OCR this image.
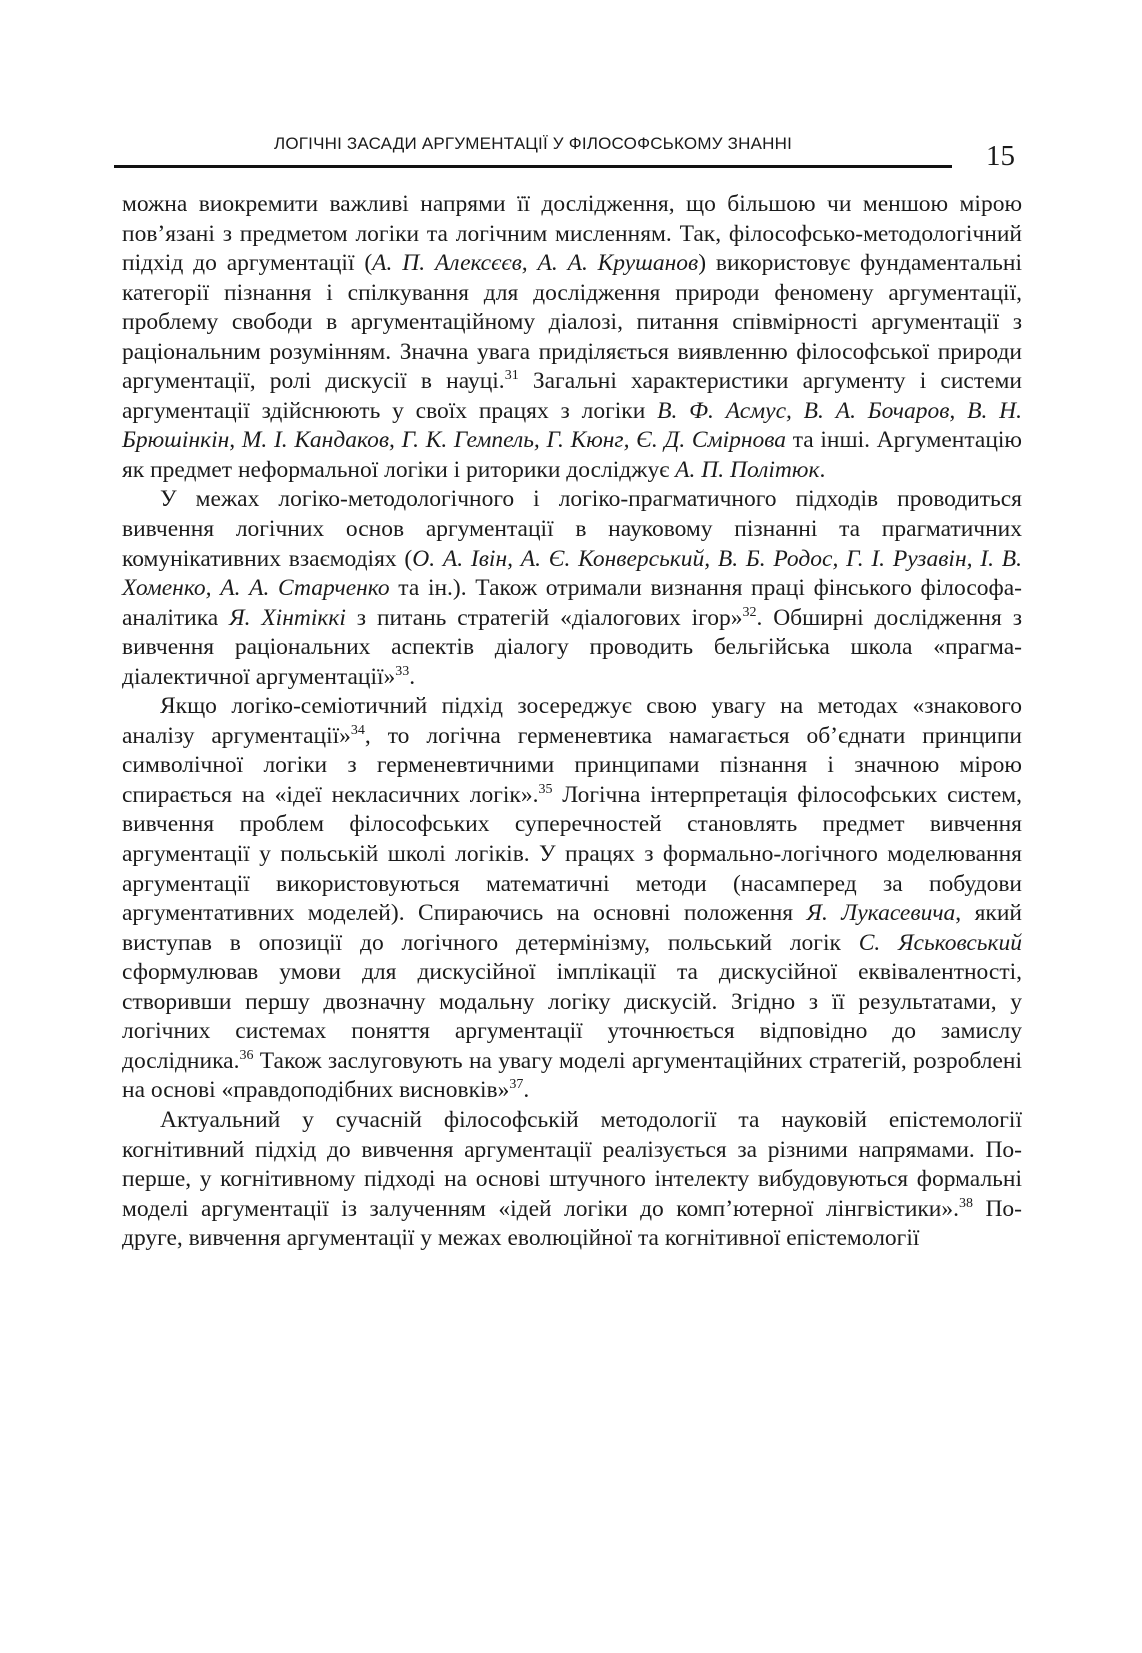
ЛОГІЧНІ ЗАСАДИ АРГУМЕНТАЦІЇ У ФІЛОСОФСЬКОМУ ЗНАННІ	15

можна виокремити важливі напрями її дослідження, що більшою чи меншою мірою пов’язані з предметом логіки та логічним мисленням. Так, філософсько-методологічний підхід до аргументації (А. П. Алексєєв, А. А. Крушанов) використовує фундаментальні категорії пізнання і спілкування для дослідження природи феномену аргументації, проблему свободи в аргументаційному діалозі, питання співмірності аргументації з раціональним розумінням. Значна увага приділяється виявленню філософської природи аргументації, ролі дискусії в науці.$^{31}$ Загальні характеристики аргументу і системи аргументації здійснюють у своїх працях з логіки В. Ф. Асмус, В. А. Бочаров, В. Н. Брюшінкін, М. І. Кандаков, Г. К. Гемпель, Г. Кюнг, Є. Д. Смірнова та інші. Аргументацію як предмет неформальної логіки і риторики досліджує А. П. Політюк.

У межах логіко-методологічного і логіко-прагматичного підходів проводиться вивчення логічних основ аргументації в науковому пізнанні та прагматичних комунікативних взаємодіях (О. А. Івін, А. Є. Конверський, В. Б. Родос, Г. І. Рузавін, І. В. Хоменко, А. А. Старченко та ін.). Також отримали визнання праці фінського філософа-аналітика Я. Хінтіккі з питань стратегій «діалогових ігор»$^{32}$. Обширні дослідження з вивчення раціональних аспектів діалогу проводить бельгійська школа «прагма-діалектичної аргументації»$^{33}$.

Якщо логіко-семіотичний підхід зосереджує свою увагу на методах «знакового аналізу аргументації»$^{34}$, то логічна герменевтика намагається об’єднати принципи символічної логіки з герменевтичними принципами пізнання і значною мірою спирається на «ідеї некласичних логік».$^{35}$ Логічна інтерпретація філософських систем, вивчення проблем філософських суперечностей становлять предмет вивчення аргументації у польській школі логіків. У працях з формально-логічного моделювання аргументації використовуються математичні методи (насамперед за побудови аргументативних моделей). Спираючись на основні положення Я. Лукасевича, який виступав в опозиції до логічного детермінізму, польський логік С. Яськовський сформулював умови для дискусійної імплікації та дискусійної еквівалентності, створивши першу двозначну модальну логіку дискусій. Згідно з її результатами, у логічних системах поняття аргументації уточнюється відповідно до замислу дослідника.$^{36}$ Також заслуговують на увагу моделі аргументаційних стратегій, розроблені на основі «правдоподібних висновків»$^{37}$.

Актуальний у сучасній філософській методології та науковій епістемології когнітивний підхід до вивчення аргументації реалізується за різними напрямами. По-перше, у когнітивному підході на основі штучного інтелекту вибудовуються формальні моделі аргументації із залученням «ідей логіки до комп’ютерної лінгвістики».$^{38}$ По-друге, вивчення аргументації у межах еволюційної та когнітивної епістемології
